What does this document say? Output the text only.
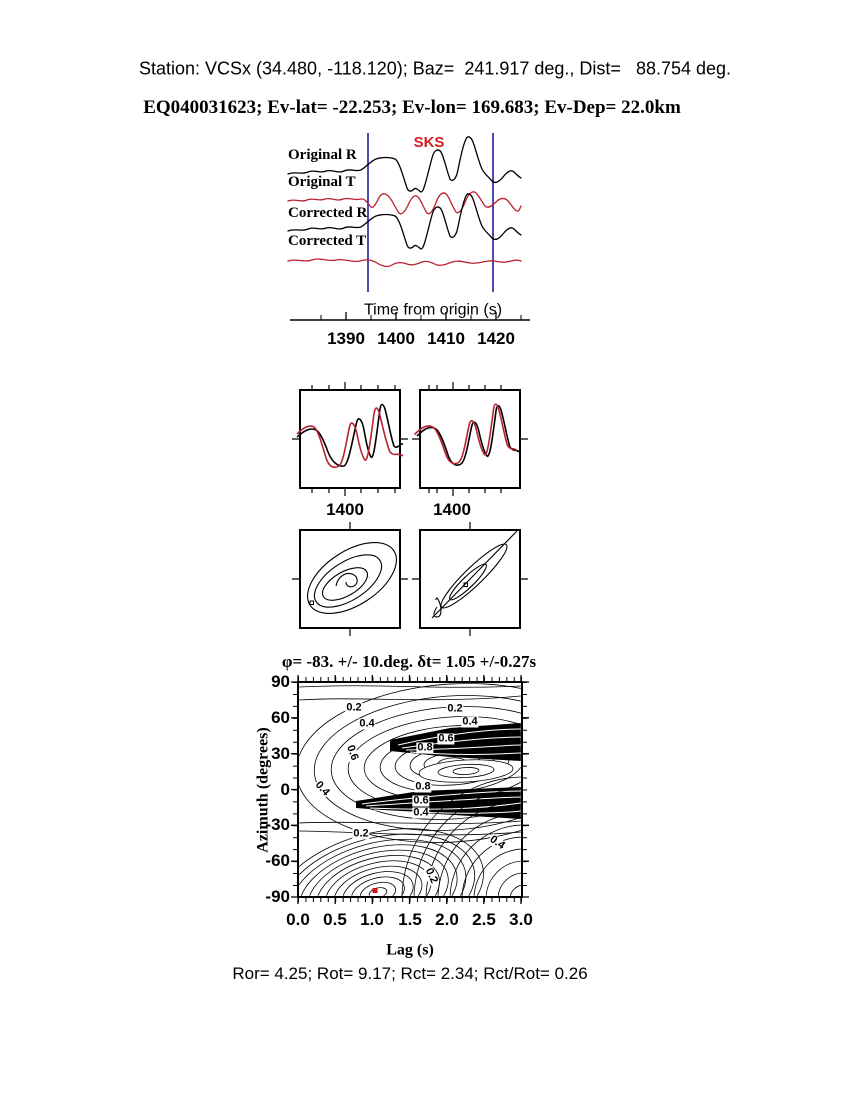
Station: VCSx (34.480, -118.120); Baz=  241.917 deg., Dist=   88.754 deg.
EQ040031623; Ev-lat= -22.253; Ev-lon= 169.683; Ev-Dep= 22.0km
SKS
Original R
Original T
Corrected R
Corrected T
Time from origin (s)
1390 1400 1410 1420
1400	1400
φ= -83. +/- 10.deg. δt= 1.05 +/-0.27s
Azimuth (degrees)
90
60
30
0
-30
-60
-90
0.0 0.5 1.0 1.5 2.0 2.5 3.0
0.2	0.2
0.4	0.4
0.6
0.8
0.6
0.4	0.8
0.6
0.4
0.2	0.4
0.2
Lag (s)
Ror= 4.25; Rot= 9.17; Rct= 2.34; Rct/Rot= 0.26
